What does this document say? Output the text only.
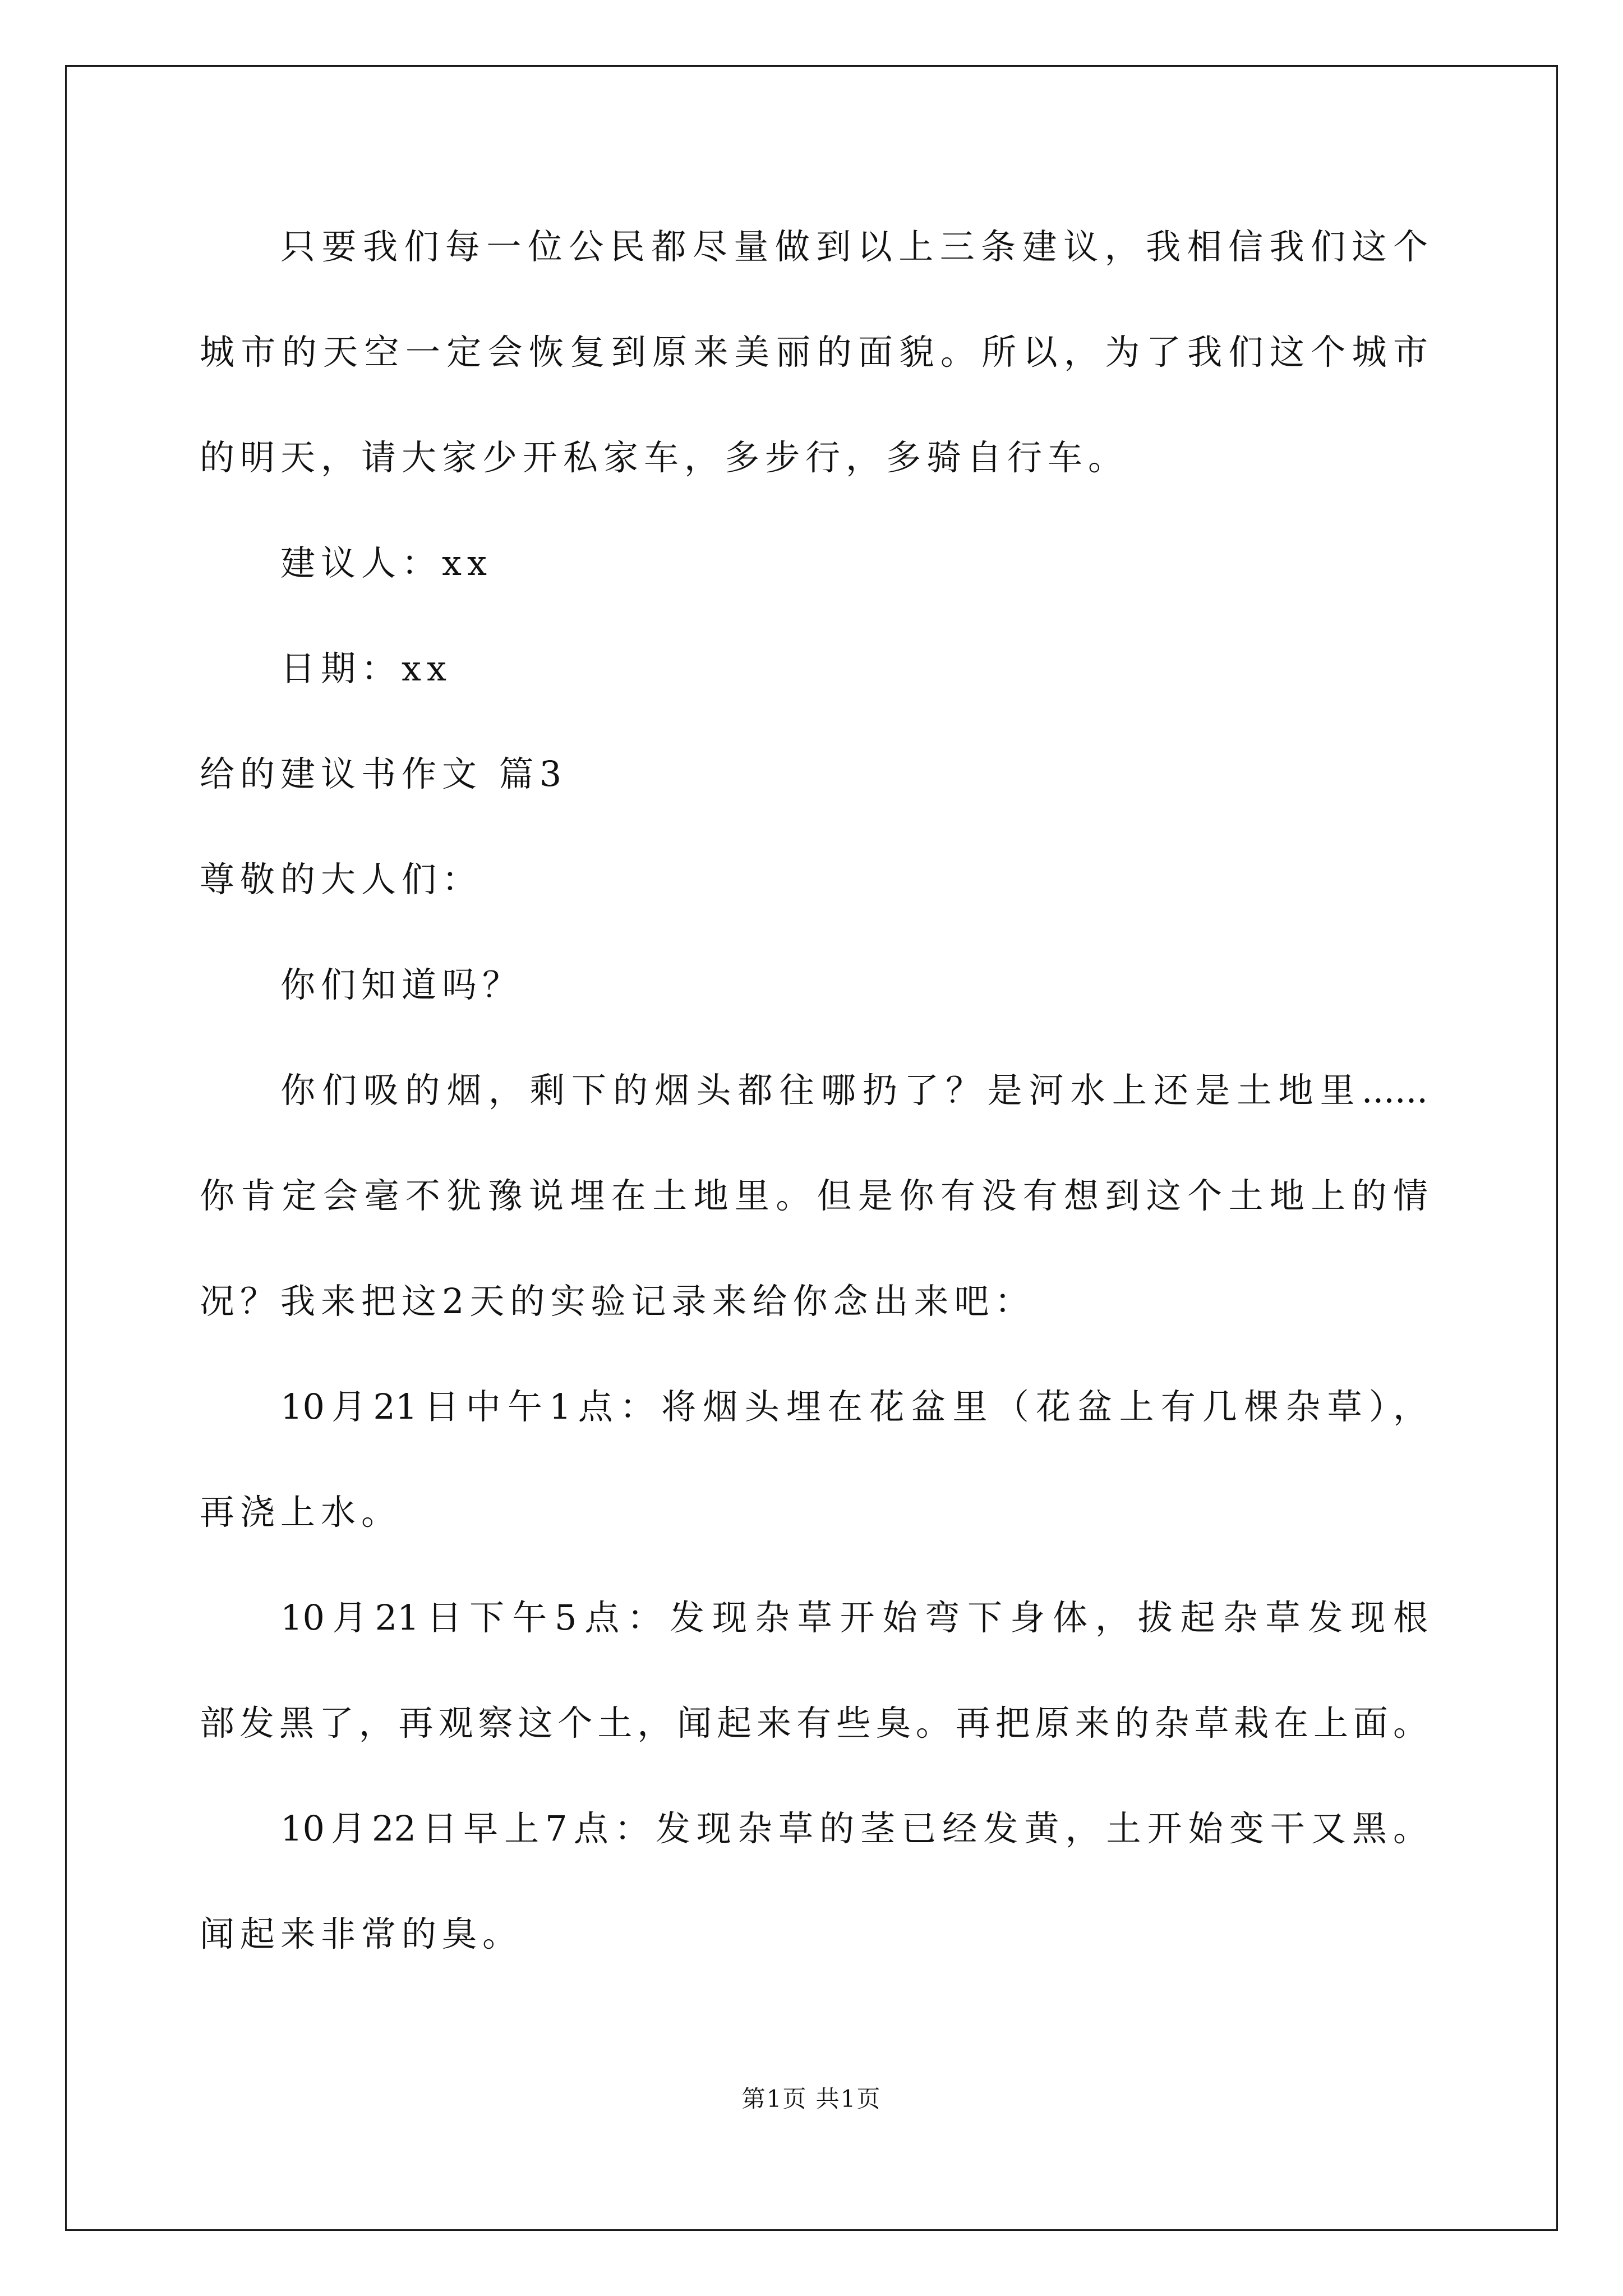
只要我们每一位公民都尽量做到以上三条建议，我相信我们这个
城市的天空一定会恢复到原来美丽的面貌。所以，为了我们这个城市
的明天，请大家少开私家车，多步行，多骑自行车。
建议人：xx
日期：xx
给的建议书作文 篇3
尊敬的大人们：
你们知道吗？
你们吸的烟，剩下的烟头都往哪扔了？是河水上还是土地里......
你肯定会毫不犹豫说埋在土地里。但是你有没有想到这个土地上的情
况？我来把这2天的实验记录来给你念出来吧：
10月21日中午1点：将烟头埋在花盆里（花盆上有几棵杂草），
再浇上水。
10月21日下午5点：发现杂草开始弯下身体，拔起杂草发现根
部发黑了，再观察这个土，闻起来有些臭。再把原来的杂草栽在上面。
10月22日早上7点：发现杂草的茎已经发黄，土开始变干又黑。
闻起来非常的臭。
第1页 共1页
